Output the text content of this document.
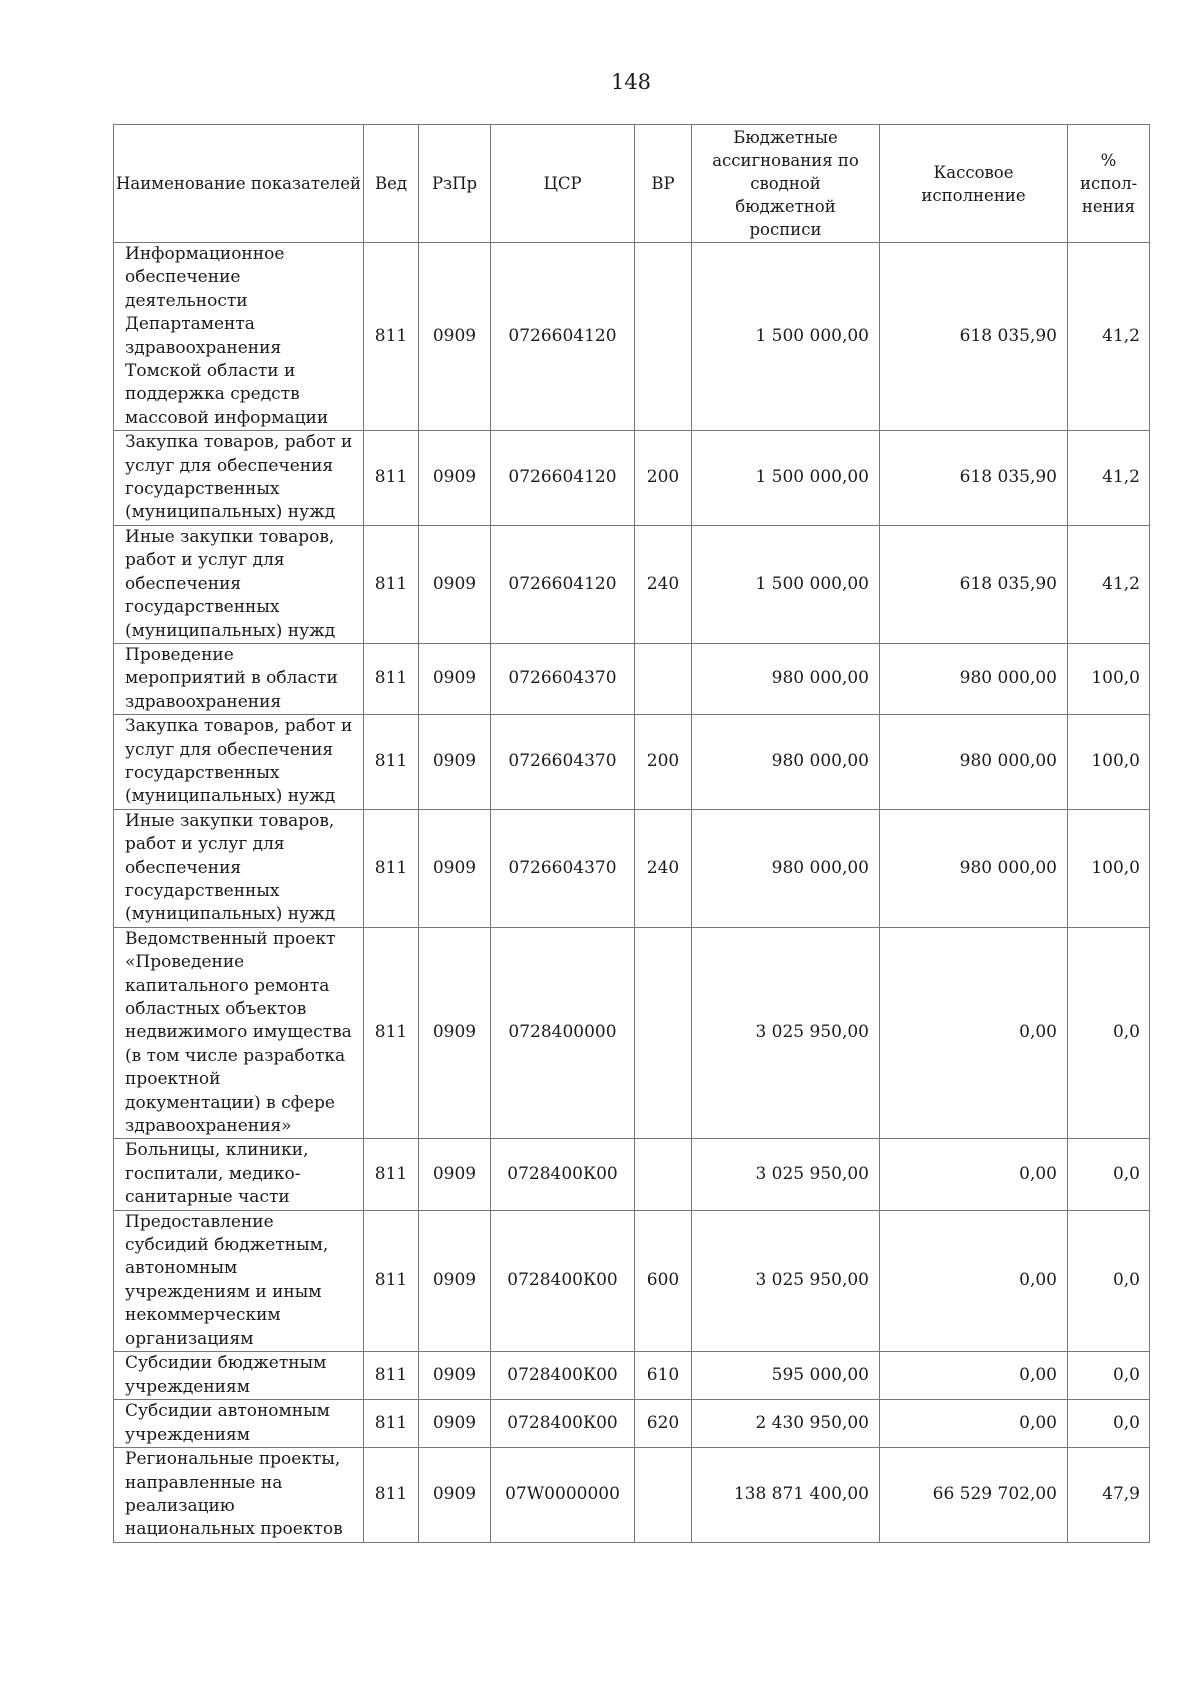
148
Наименование показателей	Вед	РзПр	ЦСР	ВР	Бюджетные ассигнования по сводной бюджетной росписи	Кассовое исполнение	% испол-нения
Информационное обеспечение деятельности Департамента здравоохранения Томской области и поддержка средств массовой информации	811	0909	0726604120		1 500 000,00	618 035,90	41,2
Закупка товаров, работ и услуг для обеспечения государственных (муниципальных) нужд	811	0909	0726604120	200	1 500 000,00	618 035,90	41,2
Иные закупки товаров, работ и услуг для обеспечения государственных (муниципальных) нужд	811	0909	0726604120	240	1 500 000,00	618 035,90	41,2
Проведение мероприятий в области здравоохранения	811	0909	0726604370		980 000,00	980 000,00	100,0
Закупка товаров, работ и услуг для обеспечения государственных (муниципальных) нужд	811	0909	0726604370	200	980 000,00	980 000,00	100,0
Иные закупки товаров, работ и услуг для обеспечения государственных (муниципальных) нужд	811	0909	0726604370	240	980 000,00	980 000,00	100,0
Ведомственный проект «Проведение капитального ремонта областных объектов недвижимого имущества (в том числе разработка проектной документации) в сфере здравоохранения»	811	0909	0728400000		3 025 950,00	0,00	0,0
Больницы, клиники, госпитали, медико-санитарные части	811	0909	0728400К00		3 025 950,00	0,00	0,0
Предоставление субсидий бюджетным, автономным учреждениям и иным некоммерческим организациям	811	0909	0728400К00	600	3 025 950,00	0,00	0,0
Субсидии бюджетным учреждениям	811	0909	0728400К00	610	595 000,00	0,00	0,0
Субсидии автономным учреждениям	811	0909	0728400К00	620	2 430 950,00	0,00	0,0
Региональные проекты, направленные на реализацию национальных проектов	811	0909	07W0000000		138 871 400,00	66 529 702,00	47,9
